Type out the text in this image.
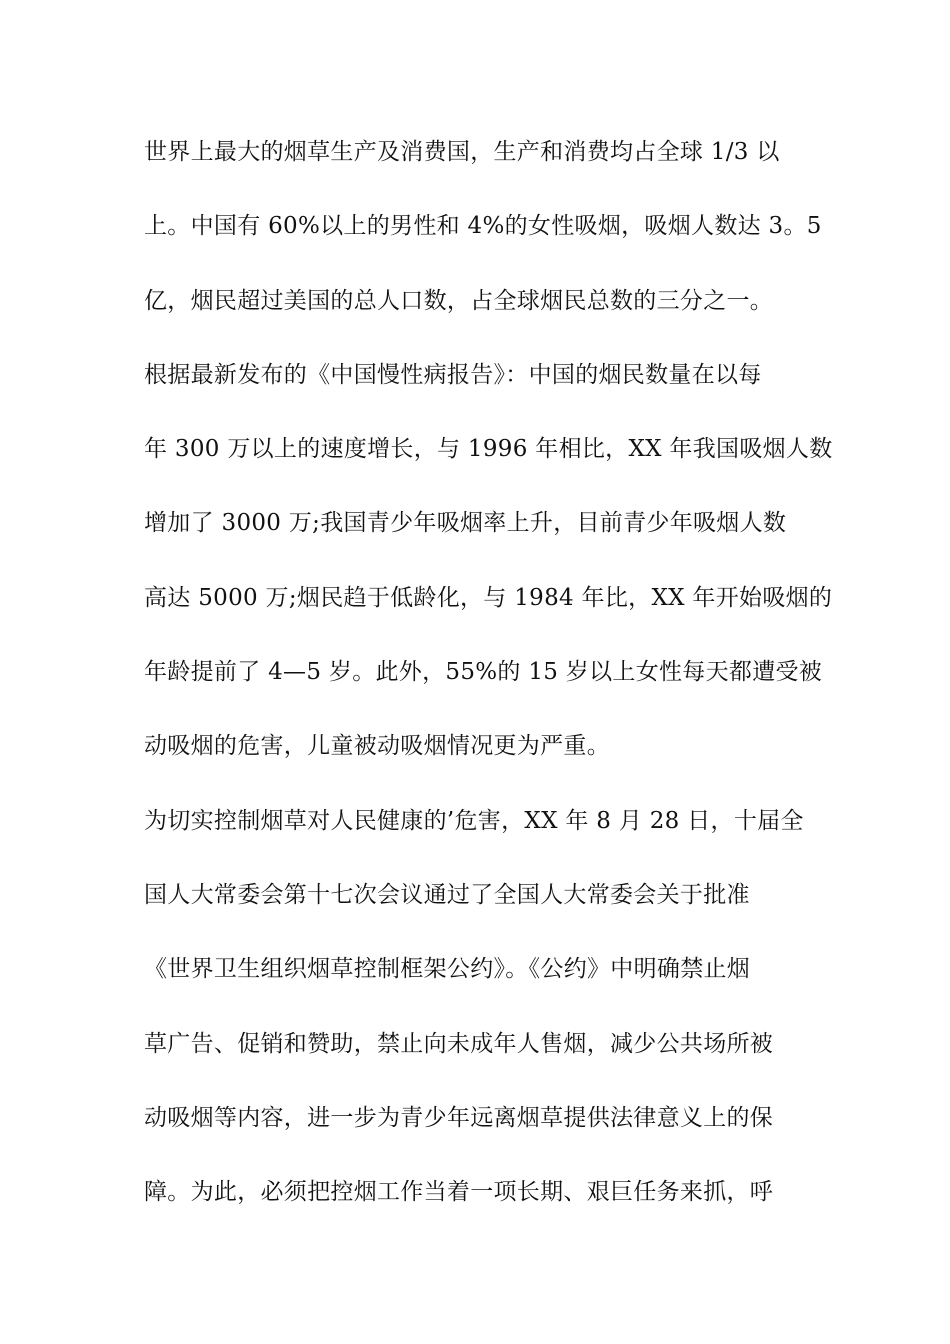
世界上最大的烟草生产及消费国，生产和消费均占全球 1/3 以
上。中国有 60%以上的男性和 4%的女性吸烟，吸烟人数达 3。5
亿，烟民超过美国的总人口数，占全球烟民总数的三分之一。
根据最新发布的《中国慢性病报告》：中国的烟民数量在以每
年 300 万以上的速度增长，与 1996 年相比，XX 年我国吸烟人数
增加了 3000 万;我国青少年吸烟率上升，目前青少年吸烟人数
高达 5000 万;烟民趋于低龄化，与 1984 年比，XX 年开始吸烟的
年龄提前了 4—5 岁。此外，55%的 15 岁以上女性每天都遭受被
动吸烟的危害，儿童被动吸烟情况更为严重。
为切实控制烟草对人民健康的’危害，XX 年 8 月 28 日，十届全
国人大常委会第十七次会议通过了全国人大常委会关于批准
《世界卫生组织烟草控制框架公约》。《公约》中明确禁止烟
草广告、促销和赞助，禁止向未成年人售烟，减少公共场所被
动吸烟等内容，进一步为青少年远离烟草提供法律意义上的保
障。为此，必须把控烟工作当着一项长期、艰巨任务来抓，呼
